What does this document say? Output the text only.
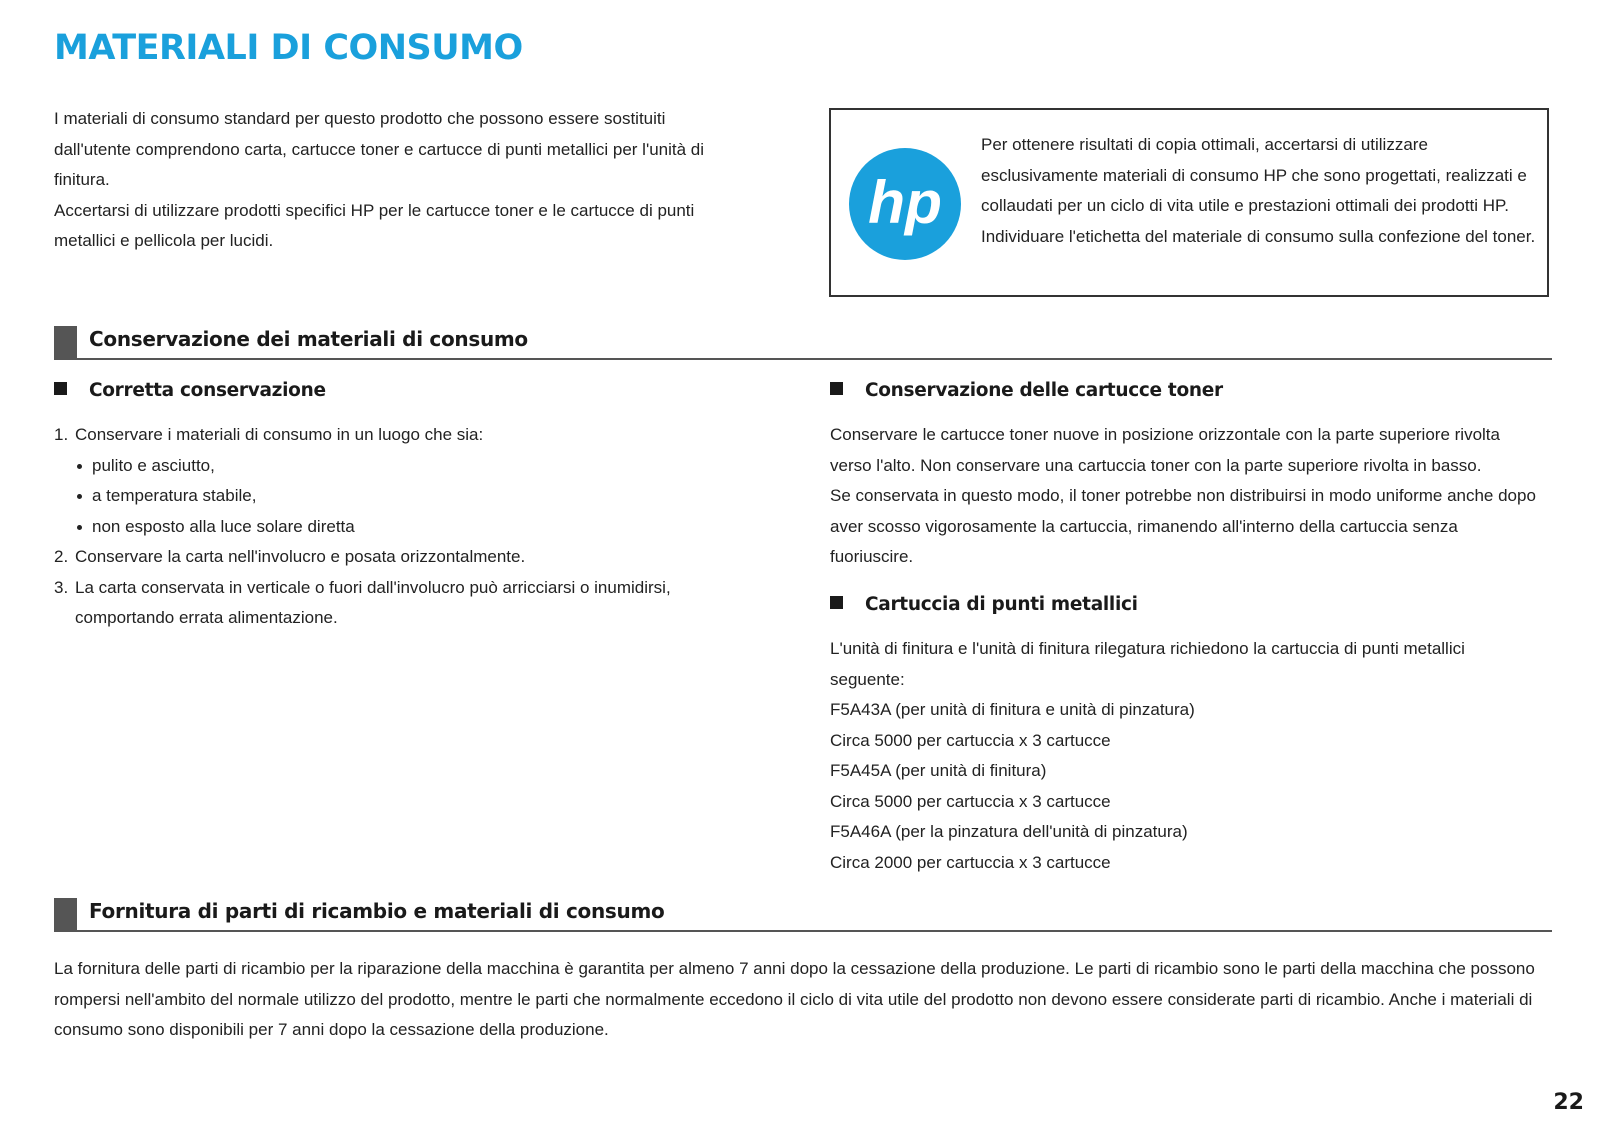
MATERIALI DI CONSUMO

I materiali di consumo standard per questo prodotto che possono essere sostituiti dall'utente comprendono carta, cartucce toner e cartucce di punti metallici per l'unità di finitura.

Accertarsi di utilizzare prodotti specifici HP per le cartucce toner e le cartucce di punti metallici e pellicola per lucidi.

hp

Per ottenere risultati di copia ottimali, accertarsi di utilizzare esclusivamente materiali di consumo HP che sono progettati, realizzati e collaudati per un ciclo di vita utile e prestazioni ottimali dei prodotti HP. Individuare l'etichetta del materiale di consumo sulla confezione del toner.

Conservazione dei materiali di consumo
Corretta conservazione
1. Conservare i materiali di consumo in un luogo che sia:
pulito e asciutto,
a temperatura stabile,
non esposto alla luce solare diretta
2. Conservare la carta nell'involucro e posata orizzontalmente.
3. La carta conservata in verticale o fuori dall'involucro può arricciarsi o inumidirsi, comportando errata alimentazione.
Conservazione delle cartucce toner

Conservare le cartucce toner nuove in posizione orizzontale con la parte superiore rivolta verso l'alto. Non conservare una cartuccia toner con la parte superiore rivolta in basso.

Se conservata in questo modo, il toner potrebbe non distribuirsi in modo uniforme anche dopo aver scosso vigorosamente la cartuccia, rimanendo all'interno della cartuccia senza fuoriuscire.

Cartuccia di punti metallici

L'unità di finitura e l'unità di finitura rilegatura richiedono la cartuccia di punti metallici seguente:

F5A43A (per unità di finitura e unità di pinzatura)

Circa 5000 per cartuccia x 3 cartucce

F5A45A (per unità di finitura)

Circa 5000 per cartuccia x 3 cartucce

F5A46A (per la pinzatura dell'unità di pinzatura)

Circa 2000 per cartuccia x 3 cartucce

Fornitura di parti di ricambio e materiali di consumo

La fornitura delle parti di ricambio per la riparazione della macchina è garantita per almeno 7 anni dopo la cessazione della produzione. Le parti di ricambio sono le parti della macchina che possono rompersi nell'ambito del normale utilizzo del prodotto, mentre le parti che normalmente eccedono il ciclo di vita utile del prodotto non devono essere considerate parti di ricambio. Anche i materiali di consumo sono disponibili per 7 anni dopo la cessazione della produzione.

22
